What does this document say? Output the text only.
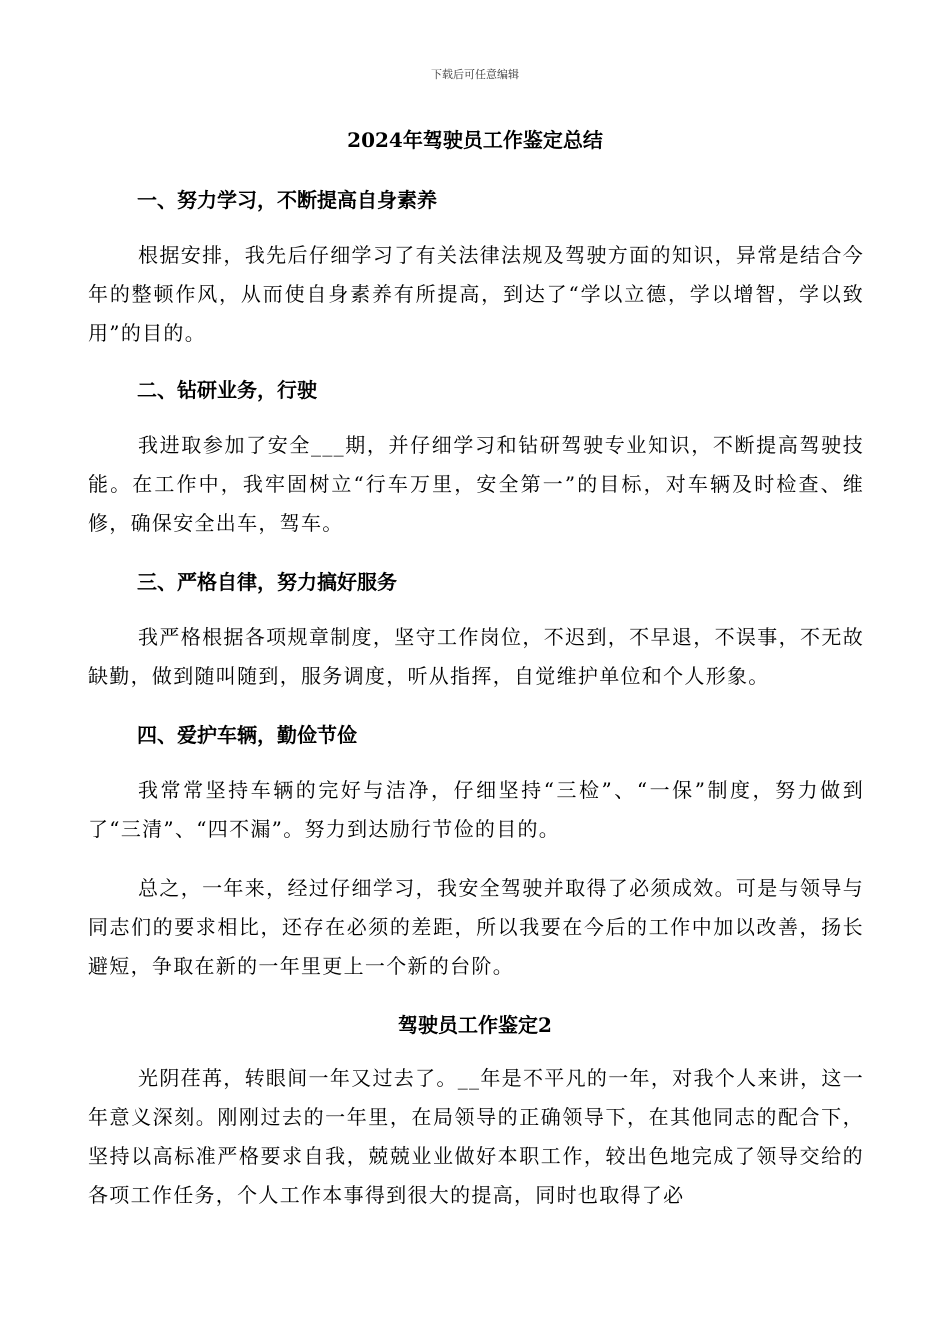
下载后可任意编辑
2024年驾驶员工作鉴定总结
一、努力学习，不断提高自身素养
根据安排，我先后仔细学习了有关法律法规及驾驶方面的知识，异常是结合今年的整顿作风，从而使自身素养有所提高，到达了“学以立德，学以增智，学以致用”的目的。
二、钻研业务，行驶
我进取参加了安全___期，并仔细学习和钻研驾驶专业知识，不断提高驾驶技能。在工作中，我牢固树立“行车万里，安全第一”的目标，对车辆及时检查、维修，确保安全出车，驾车。
三、严格自律，努力搞好服务
我严格根据各项规章制度，坚守工作岗位，不迟到，不早退，不误事，不无故缺勤，做到随叫随到，服务调度，听从指挥，自觉维护单位和个人形象。
四、爱护车辆，勤俭节俭
我常常坚持车辆的完好与洁净，仔细坚持“三检”、“一保”制度，努力做到了“三清”、“四不漏”。努力到达励行节俭的目的。
总之，一年来，经过仔细学习，我安全驾驶并取得了必须成效。可是与领导与同志们的要求相比，还存在必须的差距，所以我要在今后的工作中加以改善，扬长避短，争取在新的一年里更上一个新的台阶。
驾驶员工作鉴定2
光阴荏苒，转眼间一年又过去了。__年是不平凡的一年，对我个人来讲，这一年意义深刻。刚刚过去的一年里，在局领导的正确领导下，在其他同志的配合下，坚持以高标准严格要求自我，兢兢业业做好本职工作，较出色地完成了领导交给的各项工作任务，个人工作本事得到很大的提高，同时也取得了必
